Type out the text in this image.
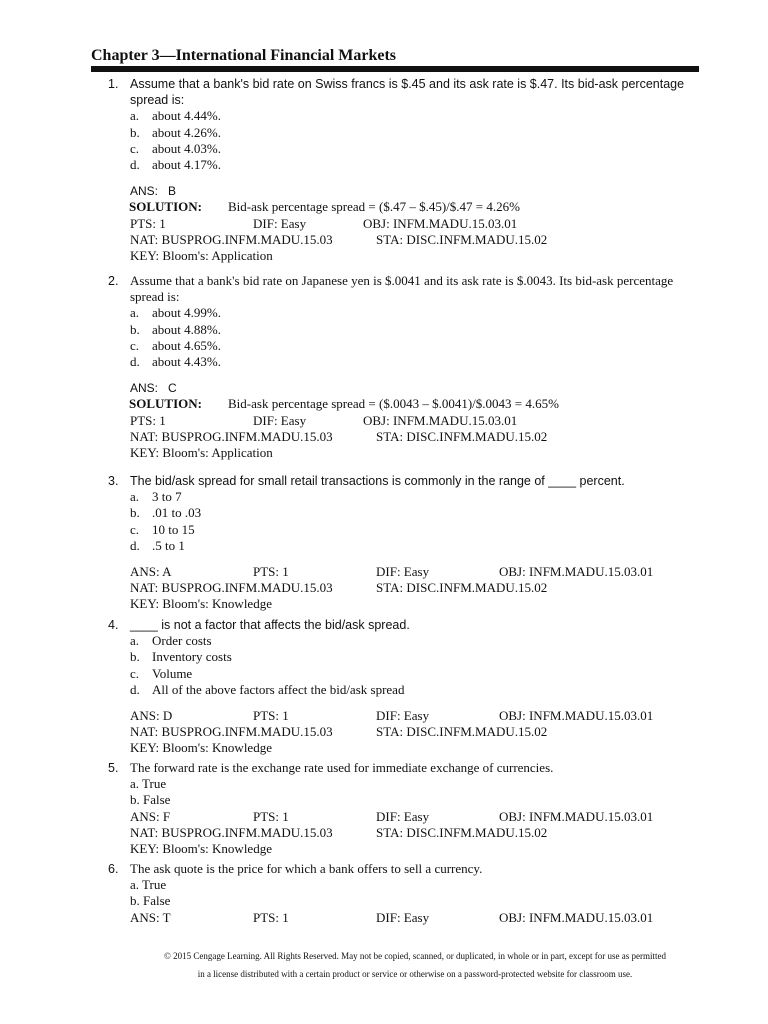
Chapter 3—International Financial Markets
1. Assume that a bank's bid rate on Swiss francs is $.45 and its ask rate is $.47. Its bid-ask percentage spread is:
a. about 4.44%.
b. about 4.26%.
c. about 4.03%.
d. about 4.17%.
ANS: B
SOLUTION:	Bid-ask percentage spread = ($.47 – $.45)/$.47 = 4.26%
PTS: 1	DIF: Easy	OBJ: INFM.MADU.15.03.01
NAT: BUSPROG.INFM.MADU.15.03	STA: DISC.INFM.MADU.15.02
KEY: Bloom's: Application
2. Assume that a bank's bid rate on Japanese yen is $.0041 and its ask rate is $.0043. Its bid-ask percentage spread is:
a. about 4.99%.
b. about 4.88%.
c. about 4.65%.
d. about 4.43%.
ANS: C
SOLUTION:	Bid-ask percentage spread = ($.0043 – $.0041)/$.0043 = 4.65%
PTS: 1	DIF: Easy	OBJ: INFM.MADU.15.03.01
NAT: BUSPROG.INFM.MADU.15.03	STA: DISC.INFM.MADU.15.02
KEY: Bloom's: Application
3. The bid/ask spread for small retail transactions is commonly in the range of ____ percent.
a. 3 to 7
b. .01 to .03
c. 10 to 15
d. .5 to 1
ANS: A	PTS: 1	DIF: Easy	OBJ: INFM.MADU.15.03.01
NAT: BUSPROG.INFM.MADU.15.03	STA: DISC.INFM.MADU.15.02
KEY: Bloom's: Knowledge
4. ____ is not a factor that affects the bid/ask spread.
a. Order costs
b. Inventory costs
c. Volume
d. All of the above factors affect the bid/ask spread
ANS: D	PTS: 1	DIF: Easy	OBJ: INFM.MADU.15.03.01
NAT: BUSPROG.INFM.MADU.15.03	STA: DISC.INFM.MADU.15.02
KEY: Bloom's: Knowledge
5. The forward rate is the exchange rate used for immediate exchange of currencies.
a. True
b. False
ANS: F	PTS: 1	DIF: Easy	OBJ: INFM.MADU.15.03.01
NAT: BUSPROG.INFM.MADU.15.03	STA: DISC.INFM.MADU.15.02
KEY: Bloom's: Knowledge
6. The ask quote is the price for which a bank offers to sell a currency.
a. True
b. False
ANS: T	PTS: 1	DIF: Easy	OBJ: INFM.MADU.15.03.01
© 2015 Cengage Learning. All Rights Reserved. May not be copied, scanned, or duplicated, in whole or in part, except for use as permitted
in a license distributed with a certain product or service or otherwise on a password-protected website for classroom use.
